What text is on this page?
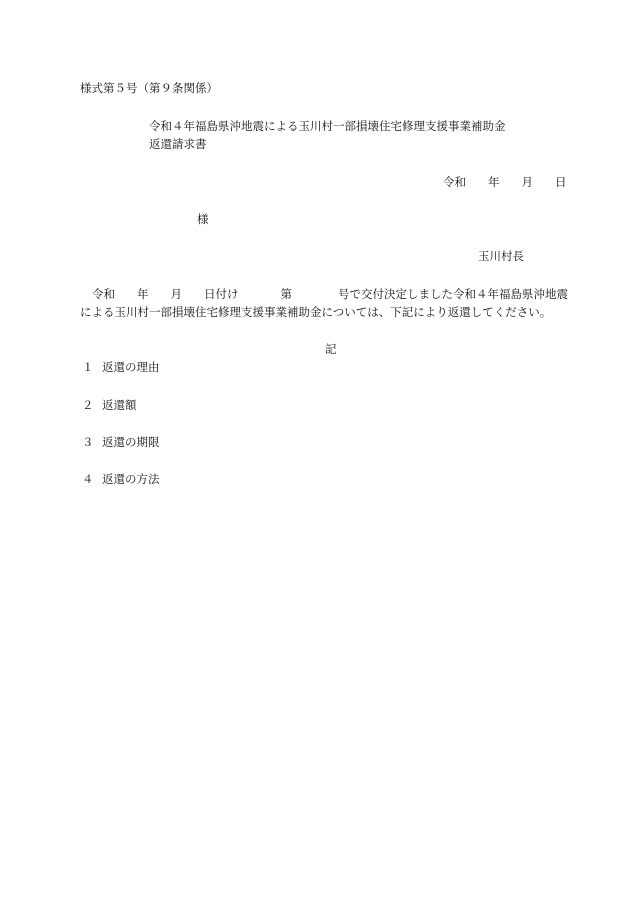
様式第５号（第９条関係）
令和４年福島県沖地震による玉川村一部損壊住宅修理支援事業補助金
返還請求書
令和 年 月 日
様
玉川村長
令和 年 月 日付け	第	号で交付決定しました令和４年福島県沖地震
による玉川村一部損壊住宅修理支援事業補助金については、下記により返還してください。
記
１ 返還の理由
２ 返還額
３ 返還の期限
４ 返還の方法
